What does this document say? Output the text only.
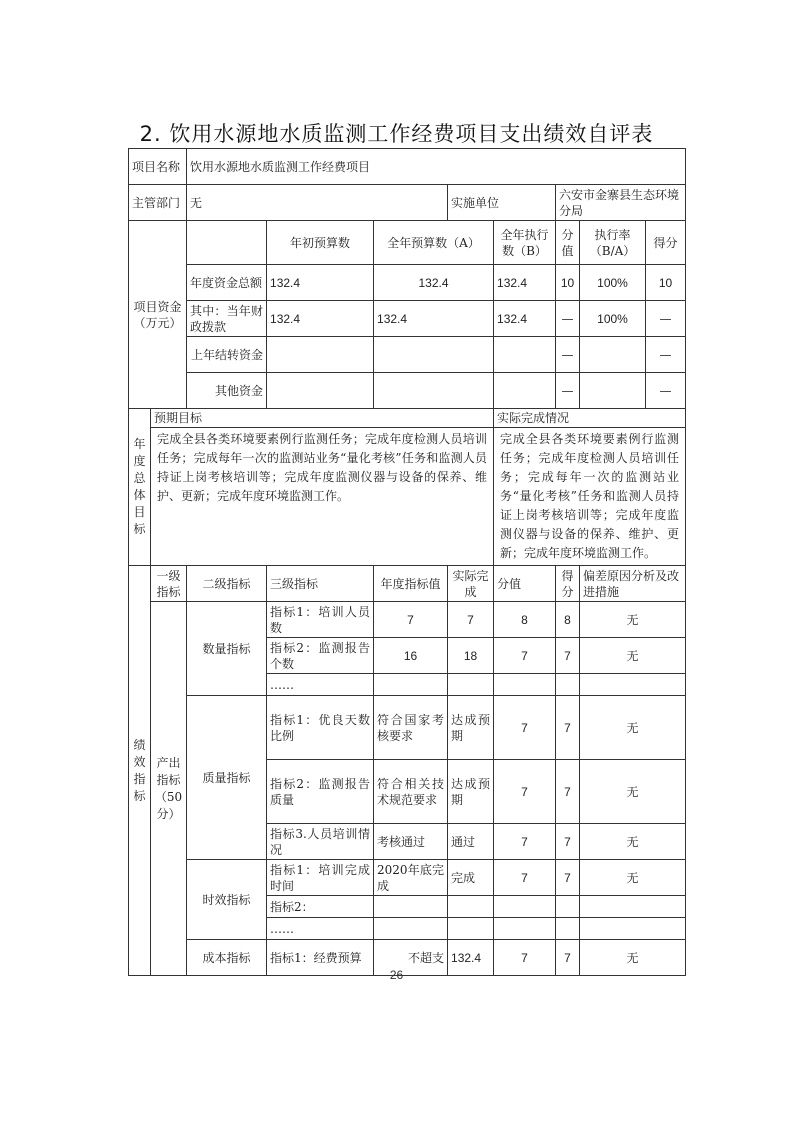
2. 饮用水源地水质监测工作经费项目支出绩效自评表
项目名称		饮用水源地水质监测工作经费项目							
主管部门		无			实施单位		六安市金寨县生态环境分局		
项目资金（万元）			年初预算数	全年预算数（A）		全年执行数（B）	分值	执行率（B/A）	得分
		年度资金总额	132.4	132.4		132.4	10	100%	10
		其中：当年财政拨款	132.4	132.4		132.4	—	100%	—
		上年结转资金					—		—
		其他资金					—		—
年度总体目标	预期目标					实际完成情况			
	完成全县各类环境要素例行监测任务；完成年度检测人员培训任务；完成每年一次的监测站业务“量化考核”任务和监测人员持证上岗考核培训等；完成年度监测仪器与设备的保养、维护、更新；完成年度环境监测工作。					完成全县各类环境要素例行监测任务；完成年度检测人员培训任务；完成每年一次的监测站业务“量化考核”任务和监测人员持证上岗考核培训等；完成年度监测仪器与设备的保养、维护、更新；完成年度环境监测工作。			
绩效指标	一级指标	二级指标	三级指标	年度指标值	实际完成	分值	得分	偏差原因分析及改进措施	
	产出指标（50分）	数量指标	指标1：培训人员数	7	7	8	8	无	
			指标2：监测报告个数	16	18	7	7	无	
			……						
		质量指标	指标1：优良天数比例	符合国家考核要求	达成预期	7	7	无	
			指标2：监测报告质量	符合相关技术规范要求	达成预期	7	7	无	
			指标3.人员培训情况	考核通过	通过	7	7	无	
		时效指标	指标1：培训完成时间	2020年底完成	完成	7	7	无	
			指标2：						
			……						
		成本指标	指标1：经费预算	不超支	132.4	7	7	无	
26
